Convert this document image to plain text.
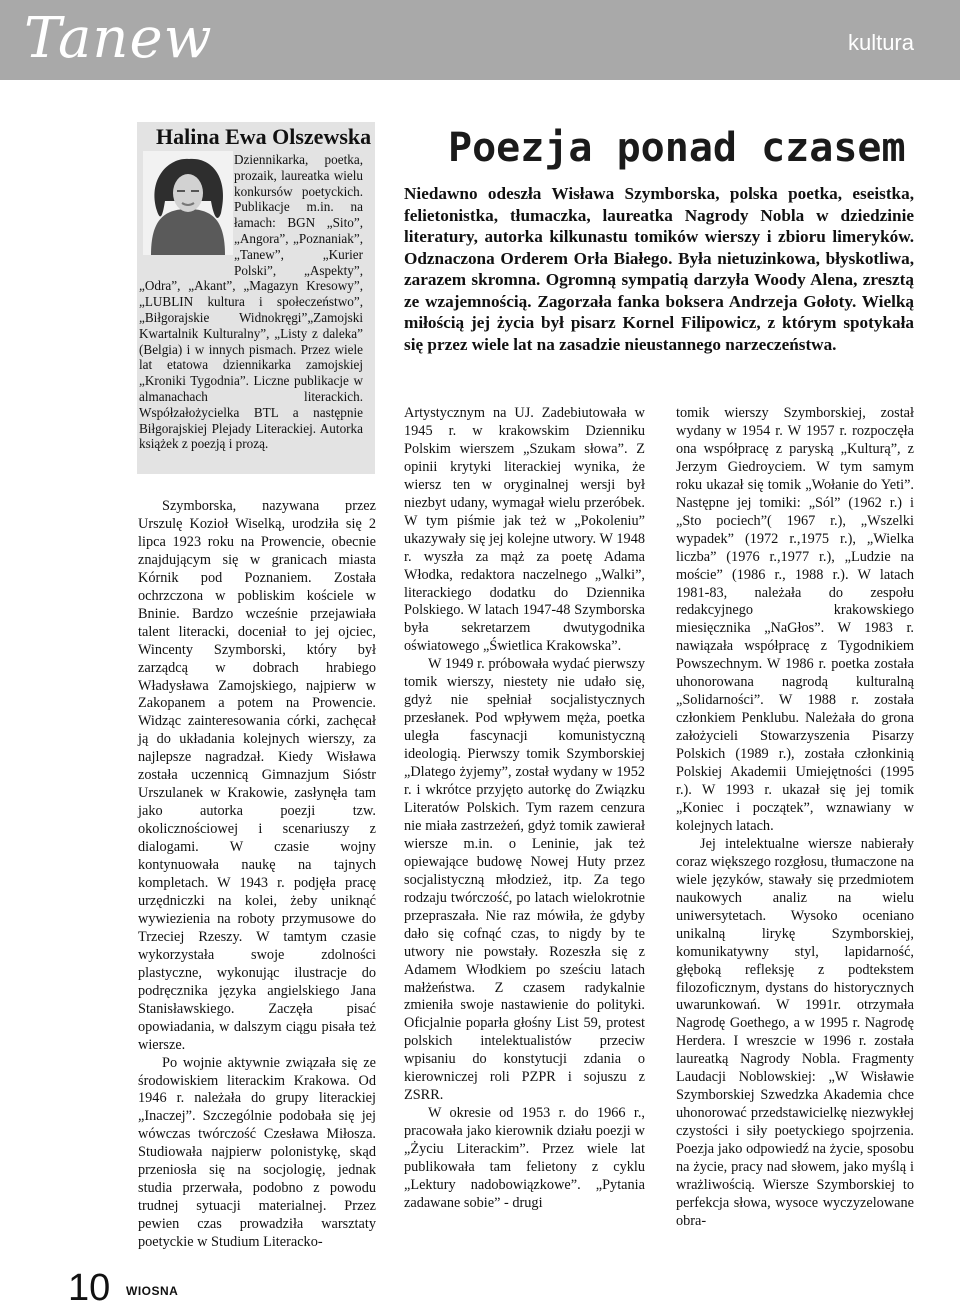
Tanew	kultura
Halina Ewa Olszewska

Dziennikarka, poetka, prozaik, laureatka wielu konkursów poetyckich. Publikacje m.in. na łamach: BGN „Sito”, „Angora”, „Poznaniak”, „Tanew”, „Kurier Polski”, „Aspekty”, „Odra”, „Akant”, „Magazyn Kresowy”, „LUBLIN kultura i społeczeństwo”, „Biłgorajskie Widnokręgi”„Zamojski Kwartalnik Kulturalny”, „Listy z daleka” (Belgia) i w innych pismach. Przez wiele lat etatowa dziennikarka zamojskiej „Kroniki Tygodnia”. Liczne publikacje w almanachach literackich. Współzałożycielka BTL a następnie Biłgorajskiej Plejady Literackiej. Autorka książek z poezją i prozą.

Poezja ponad czasem

Niedawno odeszła Wisława Szymborska, polska poetka, eseistka, felietonistka, tłumaczka, laureatka Nagrody Nobla w dziedzinie literatury, autorka kilkunastu tomików wierszy i zbioru limeryków. Odznaczona Orderem Orła Białego. Była nietuzinkowa, błyskotliwa, zarazem skromna. Ogromną sympatią darzyła Woody Alena, zresztą ze wzajemnością. Zagorzała fanka boksera Andrzeja Gołoty. Wielką miłością jej życia był pisarz Kornel Filipowicz, z którym spotykała się przez wiele lat na zasadzie nieustannego narzeczeństwa.

Szymborska, nazywana przez Urszulę Kozioł Wiselką, urodziła się 2 lipca 1923 roku na Prowencie, obecnie znajdującym się w granicach miasta Kórnik pod Poznaniem. Została ochrzczona w pobliskim kościele w Bninie. Bardzo wcześnie przejawiała talent literacki, doceniał to jej ojciec, Wincenty Szymborski, który był zarządcą w dobrach hrabiego Władysława Zamojskiego, najpierw w Zakopanem a potem na Prowencie. Widząc zainteresowania córki, zachęcał ją do układania kolejnych wierszy, za najlepsze nagradzał. Kiedy Wisława została uczennicą Gimnazjum Sióstr Urszulanek w Krakowie, zasłynęła tam jako autorka poezji tzw. okolicznościowej i scenariuszy z dialogami. W czasie wojny kontynuowała naukę na tajnych kompletach. W 1943 r. podjęła pracę urzędniczki na kolei, żeby uniknąć wywiezienia na roboty przymusowe do Trzeciej Rzeszy. W tamtym czasie wykorzystała swoje zdolności plastyczne, wykonując ilustracje do podręcznika języka angielskiego Jana Stanisławskiego. Zaczęła pisać opowiadania, w dalszym ciągu pisała też wiersze.

Po wojnie aktywnie związała się ze środowiskiem literackim Krakowa. Od 1946 r. należała do grupy literackiej „Inaczej”. Szczególnie podobała się jej wówczas twórczość Czesława Miłosza. Studiowała najpierw polonistykę, skąd przeniosła się na socjologię, jednak studia przerwała, podobno z powodu trudnej sytuacji materialnej. Przez pewien czas prowadziła warsztaty poetyckie w Studium Literacko-

Artystycznym na UJ. Zadebiutowała w 1945 r. w krakowskim Dzienniku Polskim wierszem „Szukam słowa”. Z opinii krytyki literackiej wynika, że wiersz ten w oryginalnej wersji był niezbyt udany, wymagał wielu przeróbek. W tym piśmie jak też w „Pokoleniu” ukazywały się jej kolejne utwory. W 1948 r. wyszła za mąż za poetę Adama Włodka, redaktora naczelnego „Walki”, literackiego dodatku do Dziennika Polskiego. W latach 1947-48 Szymborska była sekretarzem dwutygodnika oświatowego „Świetlica Krakowska”.

W 1949 r. próbowała wydać pierwszy tomik wierszy, niestety nie udało się, gdyż nie spełniał socjalistycznych przesłanek. Pod wpływem męża, poetka uległa fascynacji komunistyczną ideologią. Pierwszy tomik Szymborskiej „Dlatego żyjemy”, został wydany w 1952 r. i wkrótce przyjęto autorkę do Związku Literatów Polskich. Tym razem cenzura nie miała zastrzeżeń, gdyż tomik zawierał wiersze m.in. o Leninie, jak też opiewające budowę Nowej Huty przez socjalistyczną młodzież, itp. Za tego rodzaju twórczość, po latach wielokrotnie przepraszała. Nie raz mówiła, że gdyby dało się cofnąć czas, to nigdy by te utwory nie powstały. Rozeszła się z Adamem Włodkiem po sześciu latach małżeństwa. Z czasem radykalnie zmieniła swoje nastawienie do polityki. Oficjalnie poparła głośny List 59, protest polskich intelektualistów przeciw wpisaniu do konstytucji zdania o kierowniczej roli PZPR i sojuszu z ZSRR.

W okresie od 1953 r. do 1966 r., pracowała jako kierownik działu poezji w „Życiu Literackim”. Przez wiele lat publikowała tam felietony z cyklu „Lektury nadobowiązkowe”. „Pytania zadawane sobie” - drugi

tomik wierszy Szymborskiej, został wydany w 1954 r. W 1957 r. rozpoczęła ona współpracę z paryską „Kulturą”, z Jerzym Giedroyciem. W tym samym roku ukazał się tomik „Wołanie do Yeti”. Następne jej tomiki: „Sól” (1962 r.) i „Sto pociech”( 1967 r.), „Wszelki wypadek” (1972 r.,1975 r.), „Wielka liczba” (1976 r.,1977 r.), „Ludzie na moście” (1986 r., 1988 r.). W latach 1981-83, należała do zespołu redakcyjnego krakowskiego miesięcznika „NaGłos”. W 1983 r. nawiązała współpracę z Tygodnikiem Powszechnym. W 1986 r. poetka została uhonorowana nagrodą kulturalną „Solidarności”. W 1988 r. została członkiem Penklubu. Należała do grona założycieli Stowarzyszenia Pisarzy Polskich (1989 r.), została członkinią Polskiej Akademii Umiejętności (1995 r.). W 1993 r. ukazał się jej tomik „Koniec i początek”, wznawiany w kolejnych latach.

Jej intelektualne wiersze nabierały coraz większego rozgłosu, tłumaczone na wiele języków, stawały się przedmiotem naukowych analiz na wielu uniwersytetach. Wysoko oceniano unikalną lirykę Szymborskiej, komunikatywny styl, lapidarność, głęboką refleksję z podtekstem filozoficznym, dystans do historycznych uwarunkowań. W 1991r. otrzymała Nagrodę Goethego, a w 1995 r. Nagrodę Herdera. I wreszcie w 1996 r. została laureatką Nagrody Nobla. Fragmenty Laudacji Noblowskiej: „W Wisławie Szymborskiej Szwedzka Akademia chce uhonorować przedstawicielkę niezwykłej czystości i siły poetyckiego spojrzenia. Poezja jako odpowiedź na życie, sposobu na życie, pracy nad słowem, jako myślą i wrażliwością. Wiersze Szymborskiej to perfekcja słowa, wysoce wyczyzelowane obra-

10 WIOSNA
